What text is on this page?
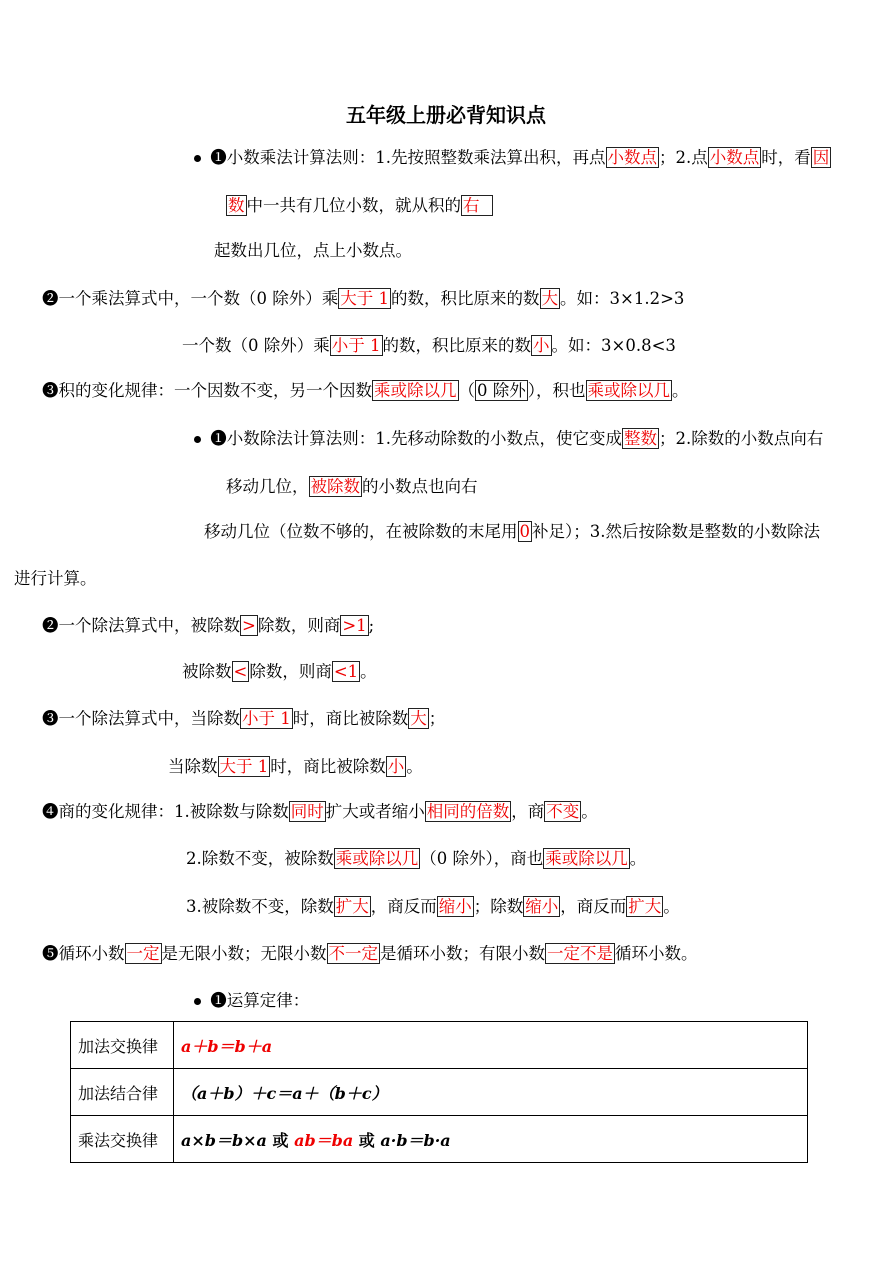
五年级上册必背知识点
❶小数乘法计算法则：1.先按照整数乘法算出积，再点 小数点 ；2.点 小数点 时，看 因
数 中一共有几位小数，就从积的 右
起数出几位，点上小数点。
❷一个乘法算式中，一个数（0 除外）乘 大于 1 的数，积比原来的数 大 。如：3×1.2>3
一个数（0 除外）乘 小于 1 的数，积比原来的数 小 。如：3×0.8<3
❸积的变化规律：一个因数不变，另一个因数 乘或除以几 （ 0 除外 ），积也 乘或除以几 。
❶小数除法计算法则：1.先移动除数的小数点，使它变成 整数 ；2.除数的小数点向右
移动几位， 被除数 的小数点也向右
移动几位（位数不够的，在被除数的末尾用 0 补足）；3.然后按除数是整数的小数除法
进行计算。
❷一个除法算式中，被除数 > 除数，则商 >1 ;
被除数 < 除数，则商 <1 。
❸一个除法算式中，当除数 小于 1 时，商比被除数 大 ；
当除数 大于 1 时，商比被除数 小 。
❹商的变化规律：1.被除数与除数 同时 扩大或者缩小 相同的倍数 ，商 不变 。
2.除数不变，被除数 乘或除以几 （0 除外），商也 乘或除以几 。
3.被除数不变，除数 扩大 ，商反而 缩小 ；除数 缩小 ，商反而 扩大 。
❺循环小数 一定 是无限小数；无限小数 不一定 是循环小数；有限小数 一定不是 循环小数。
❶运算定律：
加法交换律	a＋b＝b＋a
加法结合律	（a＋b）＋c＝a＋（b＋c）
乘法交换律	a×b＝b×a 或 ab＝ba 或 a·b＝b·a
